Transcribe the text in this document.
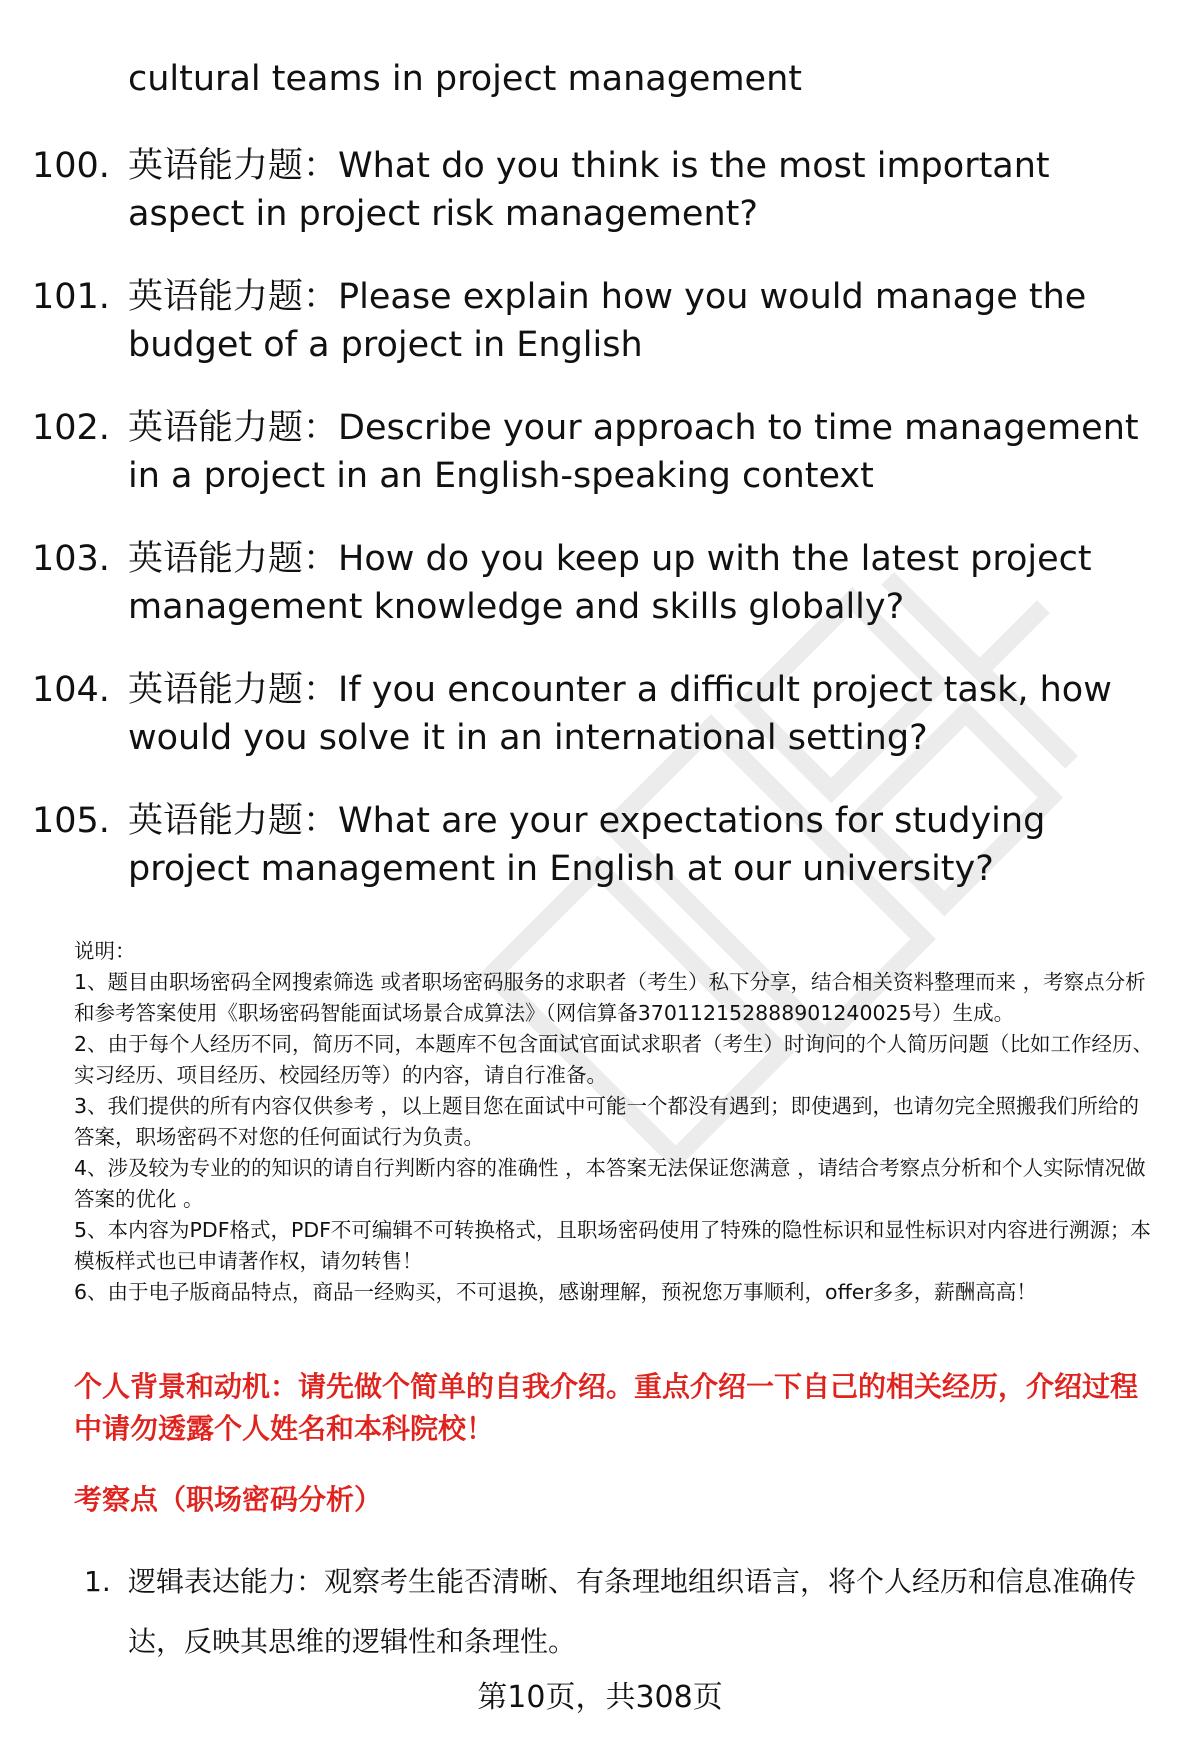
cultural teams in project management

100. 英语能力题：What do you think is the most important aspect in project risk management?

101. 英语能力题：Please explain how you would manage the budget of a project in English

102. 英语能力题：Describe your approach to time management in a project in an English-speaking context

103. 英语能力题：How do you keep up with the latest project management knowledge and skills globally?

104. 英语能力题：If you encounter a difficult project task, how would you solve it in an international setting?

105. 英语能力题：What are your expectations for studying project management in English at our university?

说明：

1、题目由职场密码全网搜索筛选 或者职场密码服务的求职者（考生）私下分享，结合相关资料整理而来 ，考察点分析和参考答案使用《职场密码智能面试场景合成算法》（网信算备370112152888901240025号）生成。

2、由于每个人经历不同，简历不同，本题库不包含面试官面试求职者（考生）时询问的个人简历问题（比如工作经历、实习经历、项目经历、校园经历等）的内容，请自行准备。

3、我们提供的所有内容仅供参考 ，以上题目您在面试中可能一个都没有遇到；即使遇到，也请勿完全照搬我们所给的答案，职场密码不对您的任何面试行为负责。

4、涉及较为专业的的知识的请自行判断内容的准确性 ，本答案无法保证您满意 ，请结合考察点分析和个人实际情况做答案的优化 。

5、本内容为PDF格式，PDF不可编辑不可转换格式，且职场密码使用了特殊的隐性标识和显性标识对内容进行溯源；本模板样式也已申请著作权，请勿转售！

6、由于电子版商品特点，商品一经购买，不可退换，感谢理解，预祝您万事顺利，offer多多，薪酬高高！

个人背景和动机：请先做个简单的自我介绍。重点介绍一下自己的相关经历，介绍过程中请勿透露个人姓名和本科院校！

考察点（职场密码分析）

1. 逻辑表达能力：观察考生能否清晰、有条理地组织语言，将个人经历和信息准确传达，反映其思维的逻辑性和条理性。

第10页，共308页
